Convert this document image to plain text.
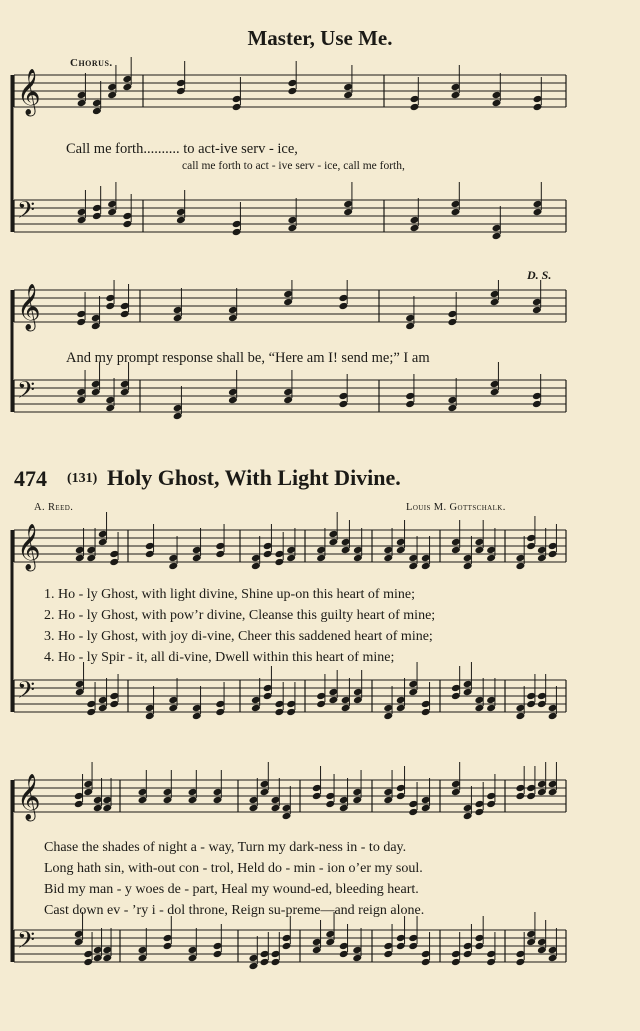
Master, Use Me.
𝄞
𝄢
Chorus.
Call me forth.......... to act-ive serv - ice,
call me forth to act - ive serv - ice, call me forth,
𝄞
𝄢
D. S.
And my prompt response shall be, “Here am I! send me;” I am
474 (131) Holy Ghost, With Light Divine.
A. Reed.	Louis M. Gottschalk.
𝄞
𝄢
1. Ho - ly Ghost, with light divine, Shine up-on this heart of mine;
2. Ho - ly Ghost, with pow’r divine, Cleanse this guilty heart of mine;
3. Ho - ly Ghost, with joy di-vine, Cheer this saddened heart of mine;
4. Ho - ly Spir - it, all di-vine, Dwell within this heart of mine;
𝄞
𝄢
Chase the shades of night a - way, Turn my dark-ness in - to day.
Long hath sin, with-out con - trol, Held do - min - ion o’er my soul.
Bid my man - y woes de - part, Heal my wound-ed, bleeding heart.
Cast down ev - ’ry i - dol throne, Reign su-preme—and reign alone.
